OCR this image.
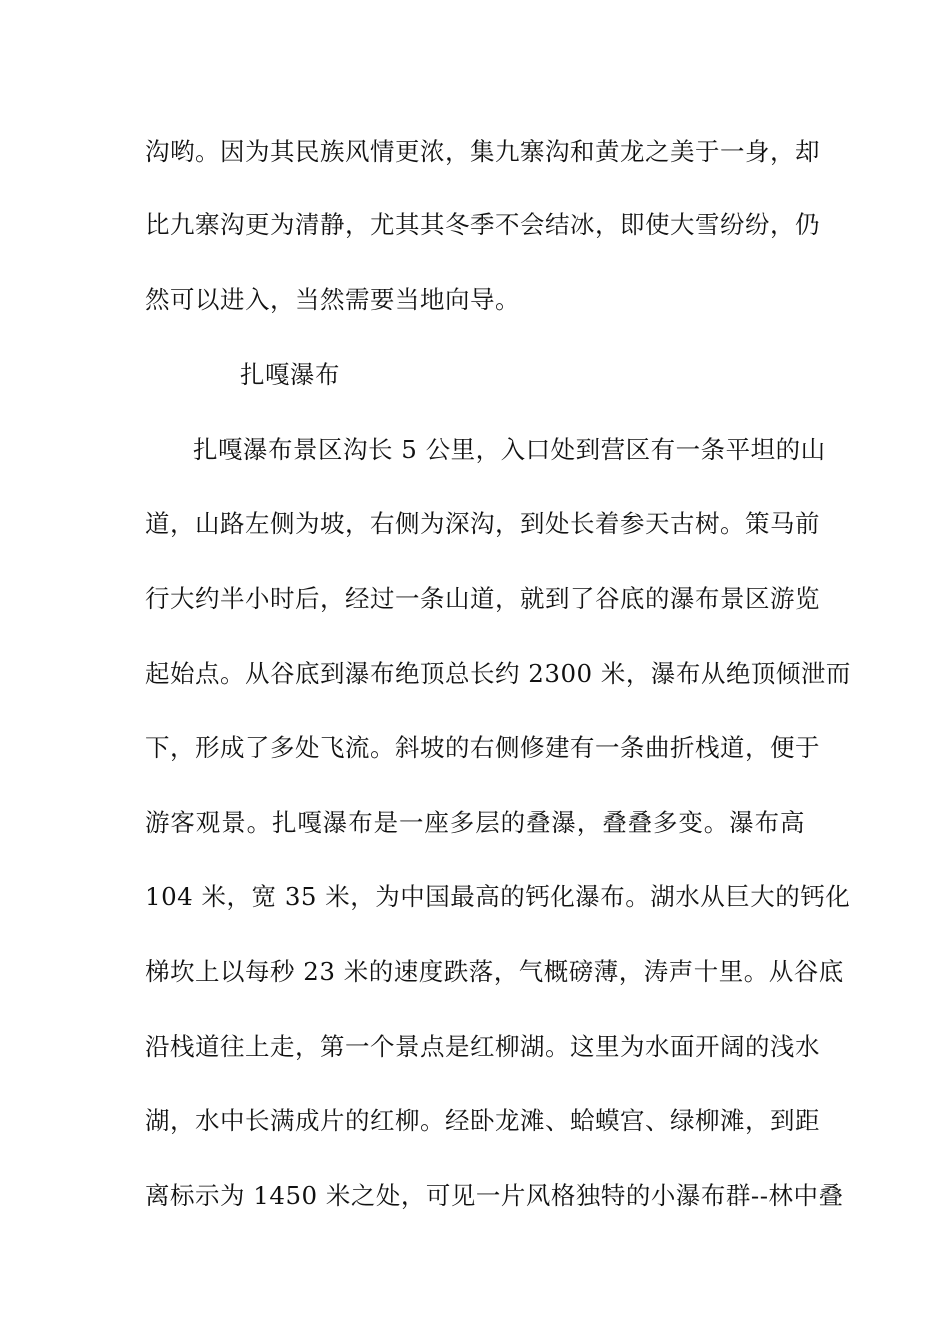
沟哟。因为其民族风情更浓，集九寨沟和黄龙之美于一身，却
比九寨沟更为清静，尤其其冬季不会结冰，即使大雪纷纷，仍
然可以进入，当然需要当地向导。
扎嘎瀑布
扎嘎瀑布景区沟长 5 公里，入口处到营区有一条平坦的山
道，山路左侧为坡，右侧为深沟，到处长着参天古树。策马前
行大约半小时后，经过一条山道，就到了谷底的瀑布景区游览
起始点。从谷底到瀑布绝顶总长约 2300 米，瀑布从绝顶倾泄而
下，形成了多处飞流。斜坡的右侧修建有一条曲折栈道，便于
游客观景。扎嘎瀑布是一座多层的叠瀑，叠叠多变。瀑布高
104 米，宽 35 米，为中国最高的钙化瀑布。湖水从巨大的钙化
梯坎上以每秒 23 米的速度跌落，气概磅薄，涛声十里。从谷底
沿栈道往上走，第一个景点是红柳湖。这里为水面开阔的浅水
湖，水中长满成片的红柳。经卧龙滩、蛤蟆宫、绿柳滩，到距
离标示为 1450 米之处，可见一片风格独特的小瀑布群--林中叠
